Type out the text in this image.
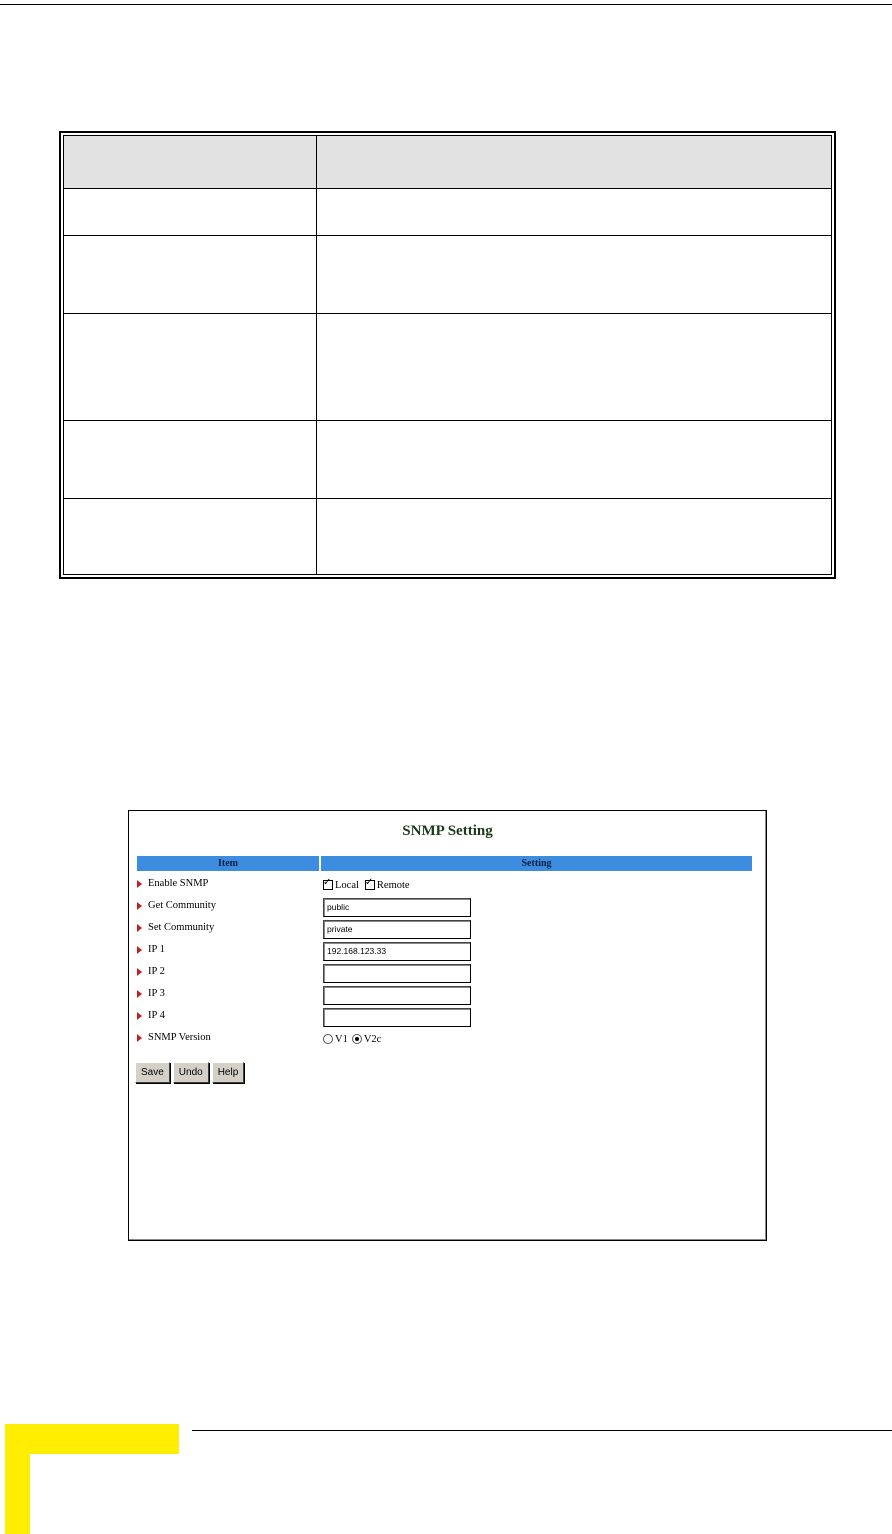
SNMP Setting
Item	Setting
Enable SNMP ✓	Local ✓ Remote
Get Community	public
Set Community	private
IP 1	192.168.123.33
IP 2
IP 3
IP 4
SNMP Version	V1 V2c
Save	Undo	Help
